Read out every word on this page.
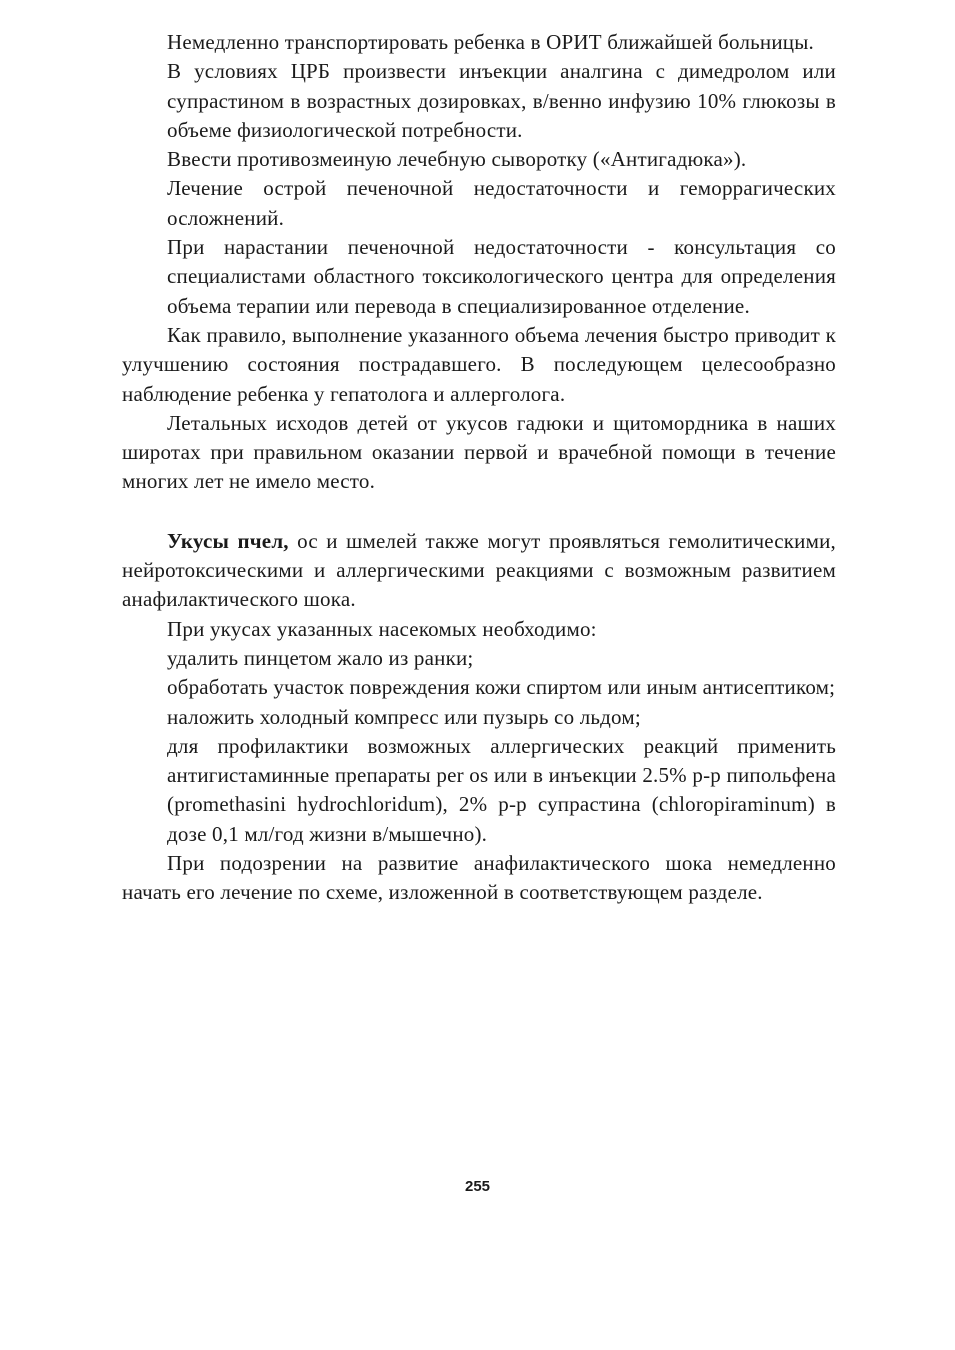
Немедленно транспортировать ребенка в ОРИТ ближайшей больницы.

В условиях ЦРБ произвести инъекции аналгина с димедролом или супрастином в возрастных дозировках, в/венно инфузию 10% глюкозы в объеме физиологической потребности.

Ввести противозмеиную лечебную сыворотку («Антигадюка»).

Лечение острой печеночной недостаточности и геморрагических осложнений.

При нарастании печеночной недостаточности - консультация со специалистами областного токсикологического центра для определения объема терапии или перевода в специализированное отделение.

Как правило, выполнение указанного объема лечения быстро приводит к улучшению состояния пострадавшего. В последующем целесообразно наблюдение ребенка у гепатолога и аллерголога.

Летальных исходов детей от укусов гадюки и щитомордника в наших широтах при правильном оказании первой и врачебной помощи в течение многих лет не имело место.

Укусы пчел, ос и шмелей также могут проявляться гемолитическими, нейротоксическими и аллергическими реакциями с возможным развитием анафилактического шока.

При укусах указанных насекомых необходимо:

удалить пинцетом жало из ранки;

обработать участок повреждения кожи спиртом или иным антисептиком;

наложить холодный компресс или пузырь со льдом;

для профилактики возможных аллергических реакций применить антигистаминные препараты per os или в инъекции 2.5% р-р пипольфена (promethasini hydrochloridum), 2% р-р супрастина (chloropiraminum) в дозе 0,1 мл/год жизни в/мышечно).

При подозрении на развитие анафилактического шока немедленно начать его лечение по схеме, изложенной в соответствующем разделе.

255
